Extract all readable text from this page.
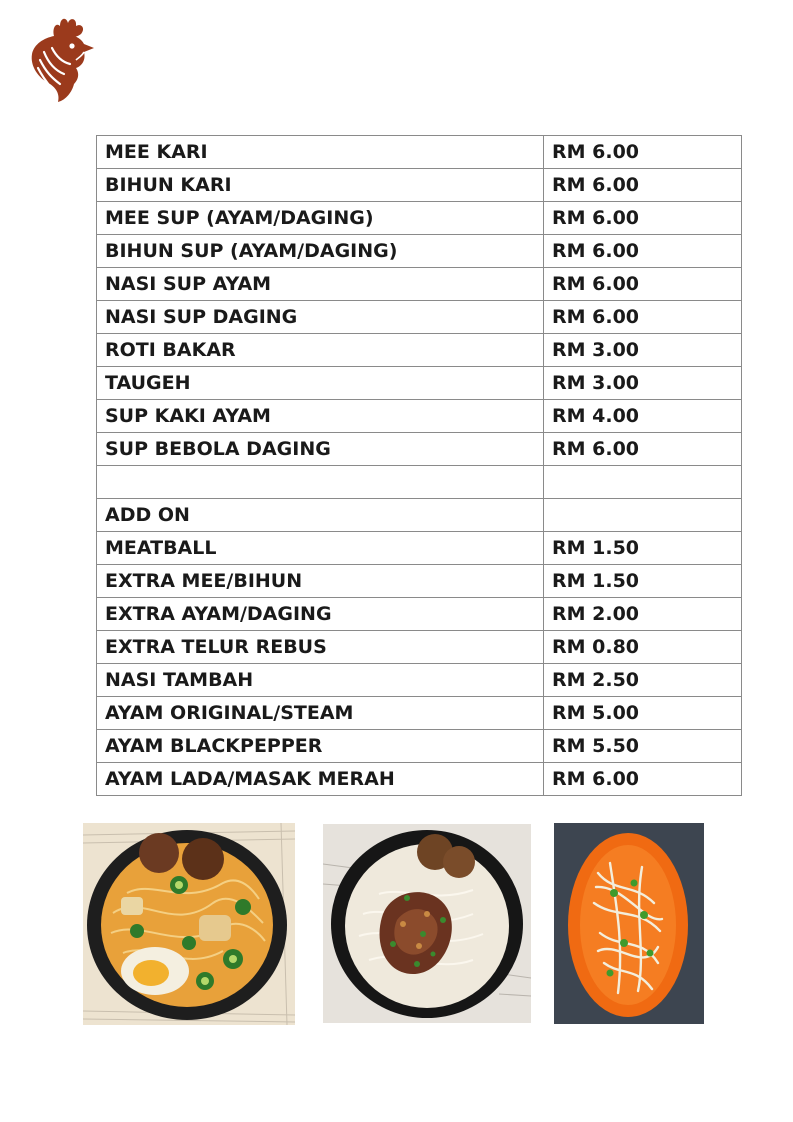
MEE KARI	RM 6.00
BIHUN KARI	RM 6.00
MEE SUP (AYAM/DAGING)	RM 6.00
BIHUN SUP (AYAM/DAGING)	RM 6.00
NASI SUP AYAM	RM 6.00
NASI SUP DAGING	RM 6.00
ROTI BAKAR	RM 3.00
TAUGEH	RM 3.00
SUP KAKI AYAM	RM 4.00
SUP BEBOLA DAGING	RM 6.00

ADD ON	
MEATBALL	RM 1.50
EXTRA MEE/BIHUN	RM 1.50
EXTRA AYAM/DAGING	RM 2.00
EXTRA TELUR REBUS	RM 0.80
NASI TAMBAH	RM 2.50
AYAM ORIGINAL/STEAM	RM 5.00
AYAM BLACKPEPPER	RM 5.50
AYAM LADA/MASAK MERAH	RM 6.00
